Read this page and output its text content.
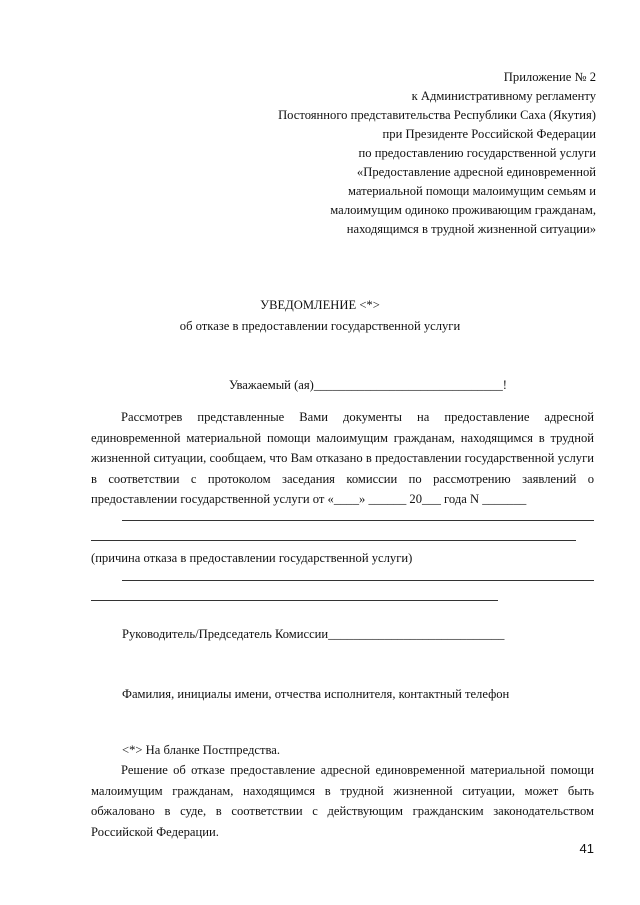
Приложение № 2
к Административному регламенту
Постоянного представительства Республики Саха (Якутия)
при Президенте Российской Федерации
по предоставлению государственной услуги
«Предоставление адресной единовременной
материальной помощи малоимущим семьям и
малоимущим одиноко проживающим гражданам,
находящимся в трудной жизненной ситуации»
УВЕДОМЛЕНИЕ <*>
об отказе в предоставлении государственной услуги
Уважаемый (ая)______________________________!
Рассмотрев представленные Вами документы на предоставление адресной единовременной материальной помощи малоимущим гражданам, находящимся в трудной жизненной ситуации, сообщаем, что Вам отказано в предоставлении государственной услуги в соответствии с протоколом заседания комиссии по рассмотрению заявлений о предоставлении государственной услуги от «____» ______ 20___ года N _______
(причина отказа в предоставлении государственной услуги)
Руководитель/Председатель Комиссии____________________________
Фамилия, инициалы имени, отчества исполнителя, контактный телефон
<*> На бланке Постпредства.
Решение об отказе предоставление адресной единовременной материальной помощи малоимущим гражданам, находящимся в трудной жизненной ситуации, может быть обжаловано в суде, в соответствии с действующим гражданским законодательством Российской Федерации.
41
